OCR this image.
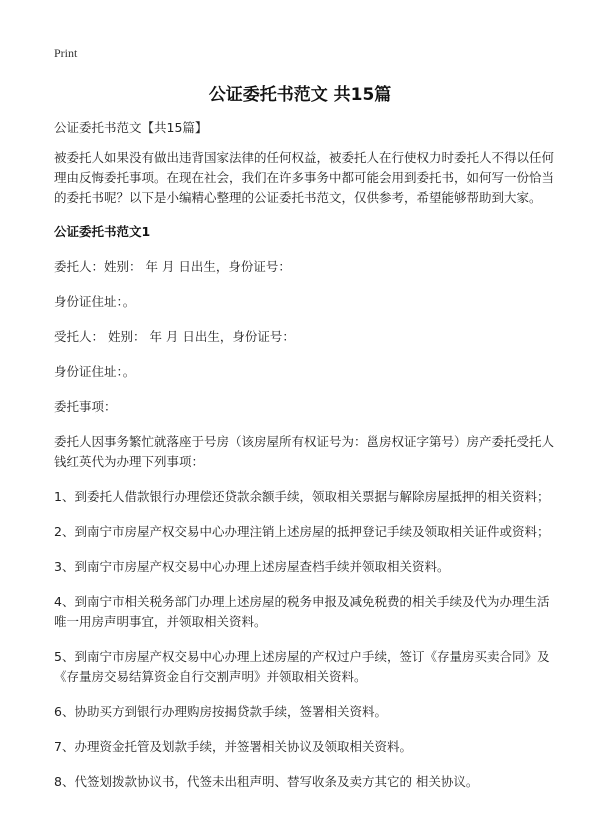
Print
公证委托书范文 共15篇

公证委托书范文【共15篇】

被委托人如果没有做出违背国家法律的任何权益，被委托人在行使权力时委托人不得以任何理由反悔委托事项。在现在社会，我们在许多事务中都可能会用到委托书，如何写一份恰当的委托书呢？以下是小编精心整理的公证委托书范文，仅供参考，希望能够帮助到大家。

公证委托书范文1

委托人：姓别： 年 月 日出生，身份证号：

身份证住址：。

受托人： 姓别： 年 月 日出生，身份证号：

身份证住址：。

委托事项：

委托人因事务繁忙就落座于号房（该房屋所有权证号为：邕房权证字第号）房产委托受托人钱红英代为办理下列事项：

1、到委托人借款银行办理偿还贷款余额手续，领取相关票据与解除房屋抵押的相关资料；

2、到南宁市房屋产权交易中心办理注销上述房屋的抵押登记手续及领取相关证件或资料；

3、到南宁市房屋产权交易中心办理上述房屋查档手续并领取相关资料。

4、到南宁市相关税务部门办理上述房屋的税务申报及减免税费的相关手续及代为办理生活唯一用房声明事宜，并领取相关资料。

5、到南宁市房屋产权交易中心办理上述房屋的产权过户手续，签订《存量房买卖合同》及《存量房交易结算资金自行交割声明》并领取相关资料。

6、协助买方到银行办理购房按揭贷款手续，签署相关资料。

7、办理资金托管及划款手续，并签署相关协议及领取相关资料。

8、代签划拨款协议书，代签未出租声明、替写收条及卖方其它的 相关协议。
